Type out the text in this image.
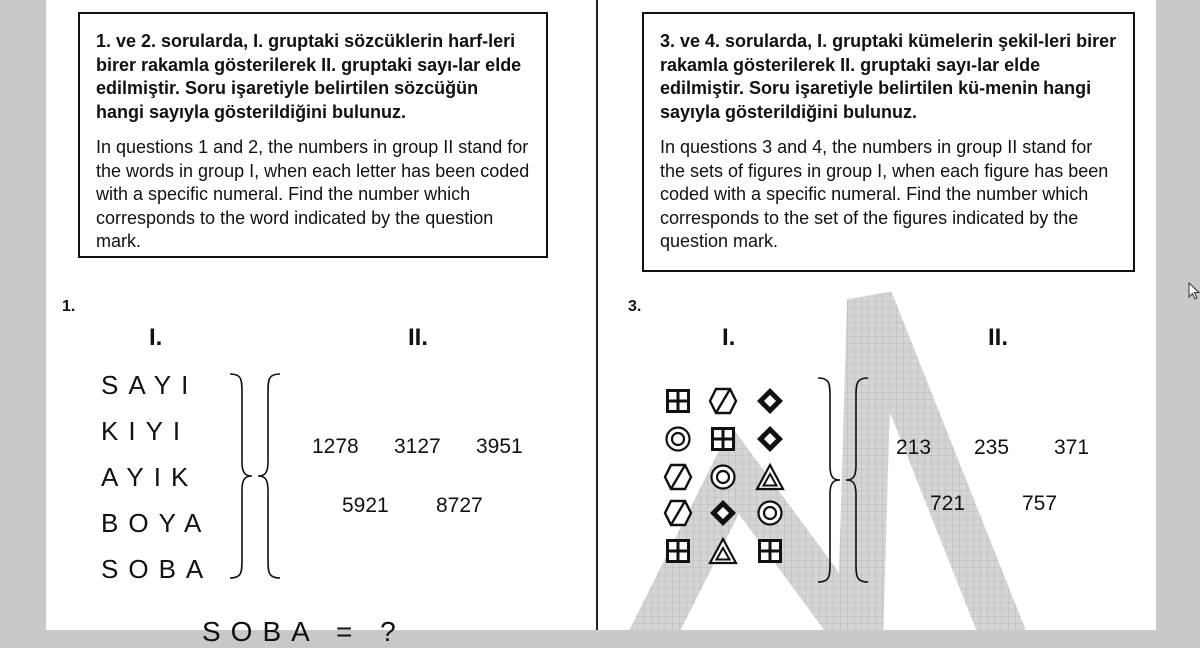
1. ve 2. sorularda, I. gruptaki sözcüklerin harf-leri birer rakamla gösterilerek II. gruptaki sayı-lar elde edilmiştir. Soru işaretiyle belirtilen sözcüğün hangi sayıyla gösterildiğini bulunuz.

In questions 1 and 2, the numbers in group II stand for the words in group I, when each letter has been coded with a specific numeral. Find the number which corresponds to the word indicated by the question mark.

3. ve 4. sorularda, I. gruptaki kümelerin şekil-leri birer rakamla gösterilerek II. gruptaki sayı-lar elde edilmiştir. Soru işaretiyle belirtilen kü-menin hangi sayıyla gösterildiğini bulunuz.

In questions 3 and 4, the numbers in group II stand for the sets of figures in group I, when each figure has been coded with a specific numeral. Find the number which corresponds to the set of the figures indicated by the question mark.

1.
I.	II.
SAYI
KIYI
AYIK
BOYA
SOBA
1278 3127 3951
5921 8727
SOBA = ?
3.
I.	II.
213 235 371
721	757
